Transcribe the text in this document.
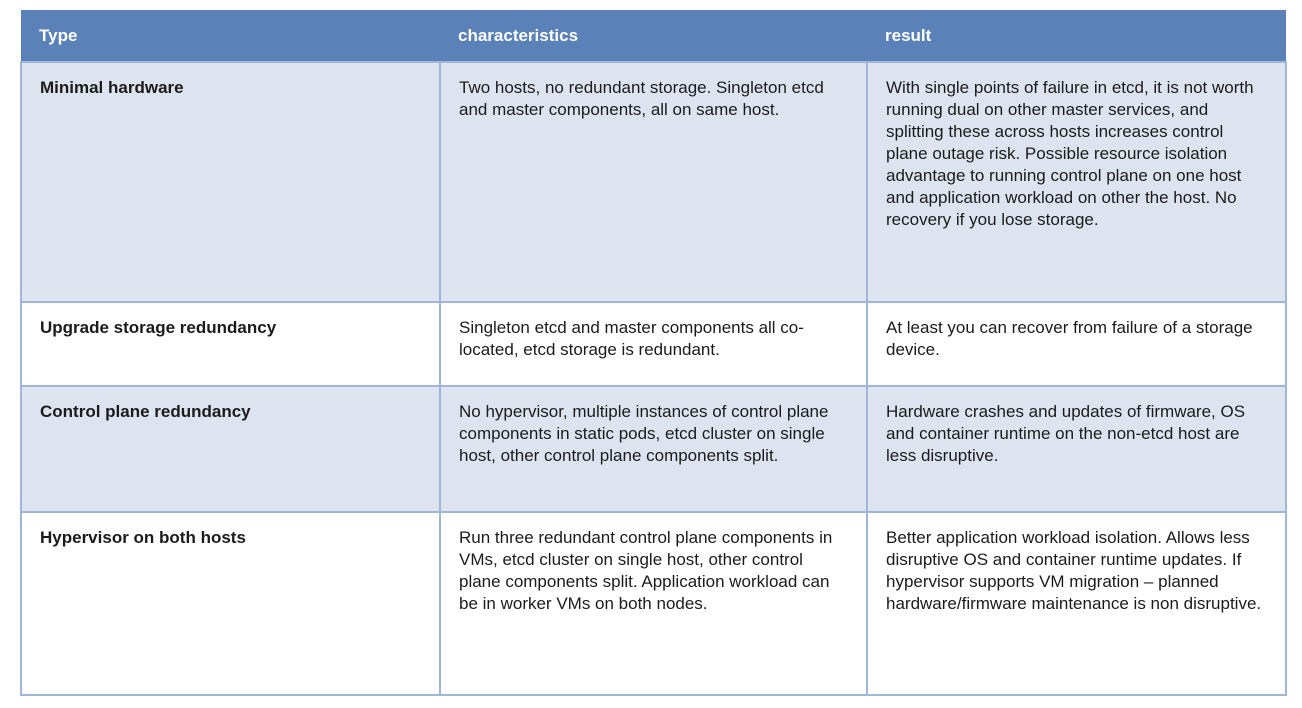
Type	characteristics	result
Minimal hardware	Two hosts, no redundant storage. Singleton etcd and master components, all on same host.	With single points of failure in etcd, it is not worth running dual on other master services, and splitting these across hosts increases control plane outage risk. Possible resource isolation advantage to running control plane on one host and application workload on other the host. No recovery if you lose storage.
Upgrade storage redundancy	Singleton etcd and master components all co-located, etcd storage is redundant.	At least you can recover from failure of a storage device.
Control plane redundancy	No hypervisor, multiple instances of control plane components in static pods, etcd cluster on single host, other control plane components split.	Hardware crashes and updates of firmware, OS and container runtime on the non-etcd host are less disruptive.
Hypervisor on both hosts	Run three redundant control plane components in VMs, etcd cluster on single host, other control plane components split. Application workload can be in worker VMs on both nodes.	Better application workload isolation. Allows less disruptive OS and container runtime updates. If hypervisor supports VM migration – planned hardware/firmware maintenance is non disruptive.
